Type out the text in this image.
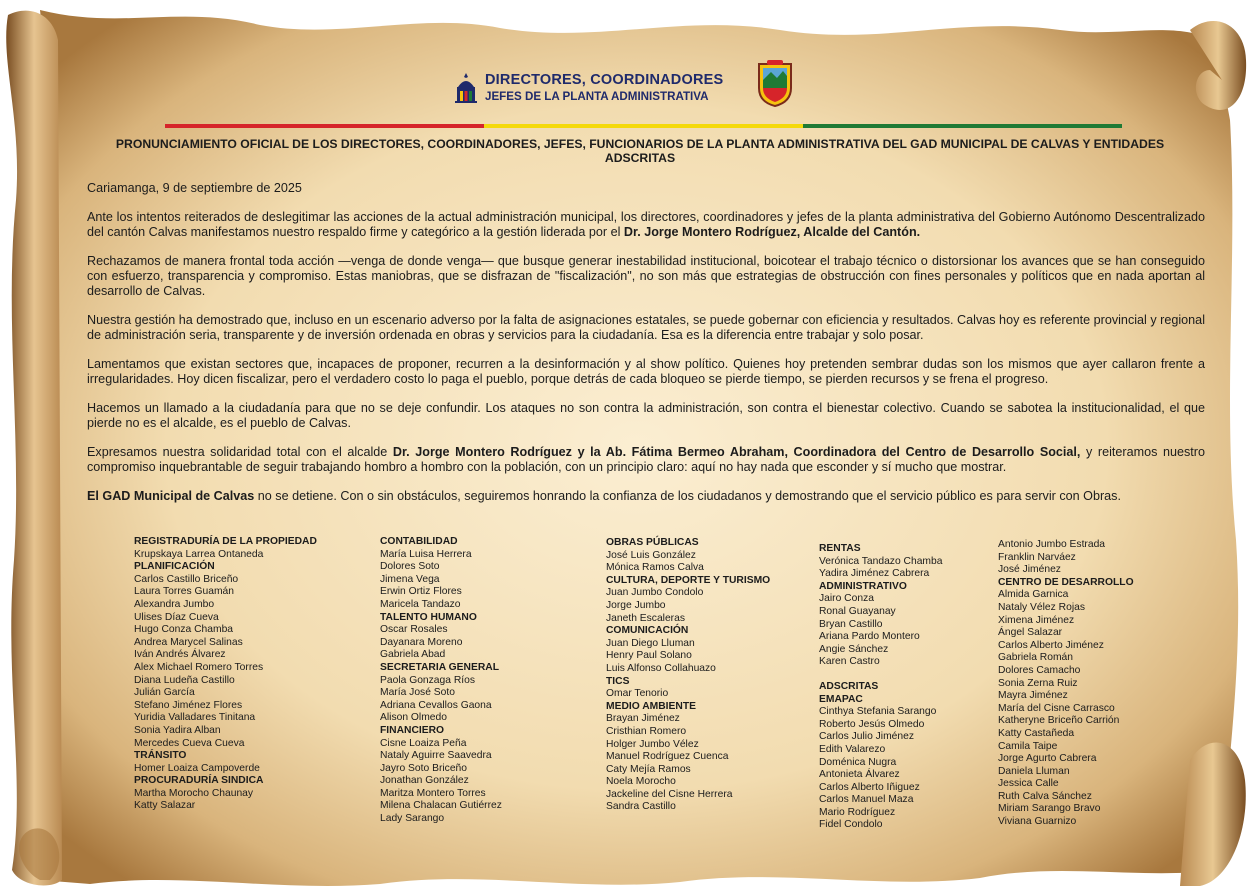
DIRECTORES, COORDINADORES
JEFES DE LA PLANTA ADMINISTRATIVA
PRONUNCIAMIENTO OFICIAL DE LOS DIRECTORES, COORDINADORES, JEFES, FUNCIONARIOS DE LA PLANTA ADMINISTRATIVA DEL GAD MUNICIPAL DE CALVAS Y ENTIDADES ADSCRITAS

Cariamanga, 9 de septiembre de 2025

Ante los intentos reiterados de deslegitimar las acciones de la actual administración municipal, los directores, coordinadores y jefes de la planta administrativa del Gobierno Autónomo Descentralizado del cantón Calvas manifestamos nuestro respaldo firme y categórico a la gestión liderada por el Dr. Jorge Montero Rodríguez, Alcalde del Cantón.

Rechazamos de manera frontal toda acción —venga de donde venga— que busque generar inestabilidad institucional, boicotear el trabajo técnico o distorsionar los avances que se han conseguido con esfuerzo, transparencia y compromiso. Estas maniobras, que se disfrazan de "fiscalización", no son más que estrategias de obstrucción con fines personales y políticos que en nada aportan al desarrollo de Calvas.

Nuestra gestión ha demostrado que, incluso en un escenario adverso por la falta de asignaciones estatales, se puede gobernar con eficiencia y resultados. Calvas hoy es referente provincial y regional de administración seria, transparente y de inversión ordenada en obras y servicios para la ciudadanía. Esa es la diferencia entre trabajar y solo posar.

Lamentamos que existan sectores que, incapaces de proponer, recurren a la desinformación y al show político. Quienes hoy pretenden sembrar dudas son los mismos que ayer callaron frente a irregularidades. Hoy dicen fiscalizar, pero el verdadero costo lo paga el pueblo, porque detrás de cada bloqueo se pierde tiempo, se pierden recursos y se frena el progreso.

Hacemos un llamado a la ciudadanía para que no se deje confundir. Los ataques no son contra la administración, son contra el bienestar colectivo. Cuando se sabotea la institucionalidad, el que pierde no es el alcalde, es el pueblo de Calvas.

Expresamos nuestra solidaridad total con el alcalde Dr. Jorge Montero Rodríguez y la Ab. Fátima Bermeo Abraham, Coordinadora del Centro de Desarrollo Social, y reiteramos nuestro compromiso inquebrantable de seguir trabajando hombro a hombro con la población, con un principio claro: aquí no hay nada que esconder y sí mucho que mostrar.

El GAD Municipal de Calvas no se detiene. Con o sin obstáculos, seguiremos honrando la confianza de los ciudadanos y demostrando que el servicio público es para servir con Obras.

REGISTRADURÍA DE LA PROPIEDAD
Krupskaya Larrea Ontaneda
PLANIFICACIÓN
Carlos Castillo Briceño
Laura Torres Guamán
Alexandra Jumbo
Ulises Díaz Cueva
Hugo Conza Chamba
Andrea Marycel Salinas
Iván Andrés Álvarez
Alex Michael Romero Torres
Diana Ludeña Castillo
Julián García
Stefano Jiménez Flores
Yuridia Valladares Tinitana
Sonia Yadira Alban
Mercedes Cueva Cueva
TRÁNSITO
Homer Loaiza Campoverde
PROCURADURÍA SINDICA
Martha Morocho Chaunay
Katty Salazar
CONTABILIDAD
María Luisa Herrera
Dolores Soto
Jimena Vega
Erwin Ortiz Flores
Maricela Tandazo
TALENTO HUMANO
Oscar Rosales
Dayanara Moreno
Gabriela Abad
SECRETARIA GENERAL
Paola Gonzaga Ríos
María José Soto
Adriana Cevallos Gaona
Alison Olmedo
FINANCIERO
Cisne Loaiza Peña
Nataly Aguirre Saavedra
Jayro Soto Briceño
Jonathan González
Maritza Montero Torres
Milena Chalacan Gutiérrez
Lady Sarango
OBRAS PÚBLICAS
José Luis González
Mónica Ramos Calva
CULTURA, DEPORTE Y TURISMO
Juan Jumbo Condolo
Jorge Jumbo
Janeth Escaleras
COMUNICACIÓN
Juan Diego Lluman
Henry Paul Solano
Luis Alfonso Collahuazo
TICS
Omar Tenorio
MEDIO AMBIENTE
Brayan Jiménez
Cristhian Romero
Holger Jumbo Vélez
Manuel Rodríguez Cuenca
Caty Mejía Ramos
Noela Morocho
Jackeline del Cisne Herrera
Sandra Castillo
RENTAS
Verónica Tandazo Chamba
Yadira Jiménez Cabrera
ADMINISTRATIVO
Jairo Conza
Ronal Guayanay
Bryan Castillo
Ariana Pardo Montero
Angie Sánchez
Karen Castro
ADSCRITAS
EMAPAC
Cinthya Stefania Sarango
Roberto Jesús Olmedo
Carlos Julio Jiménez
Edith Valarezo
Doménica Nugra
Antonieta Álvarez
Carlos Alberto Iñiguez
Carlos Manuel Maza
Mario Rodríguez
Fidel Condolo
Antonio Jumbo Estrada
Franklin Narváez
José Jiménez
CENTRO DE DESARROLLO
Almida Garnica
Nataly Vélez Rojas
Ximena Jiménez
Ángel Salazar
Carlos Alberto Jiménez
Gabriela Román
Dolores Camacho
Sonia Zerna Ruiz
Mayra Jiménez
María del Cisne Carrasco
Katheryne Briceño Carrión
Katty Castañeda
Camila Taipe
Jorge Agurto Cabrera
Daniela Lluman
Jessica Calle
Ruth Calva Sánchez
Miriam Sarango Bravo
Viviana Guarnizo
